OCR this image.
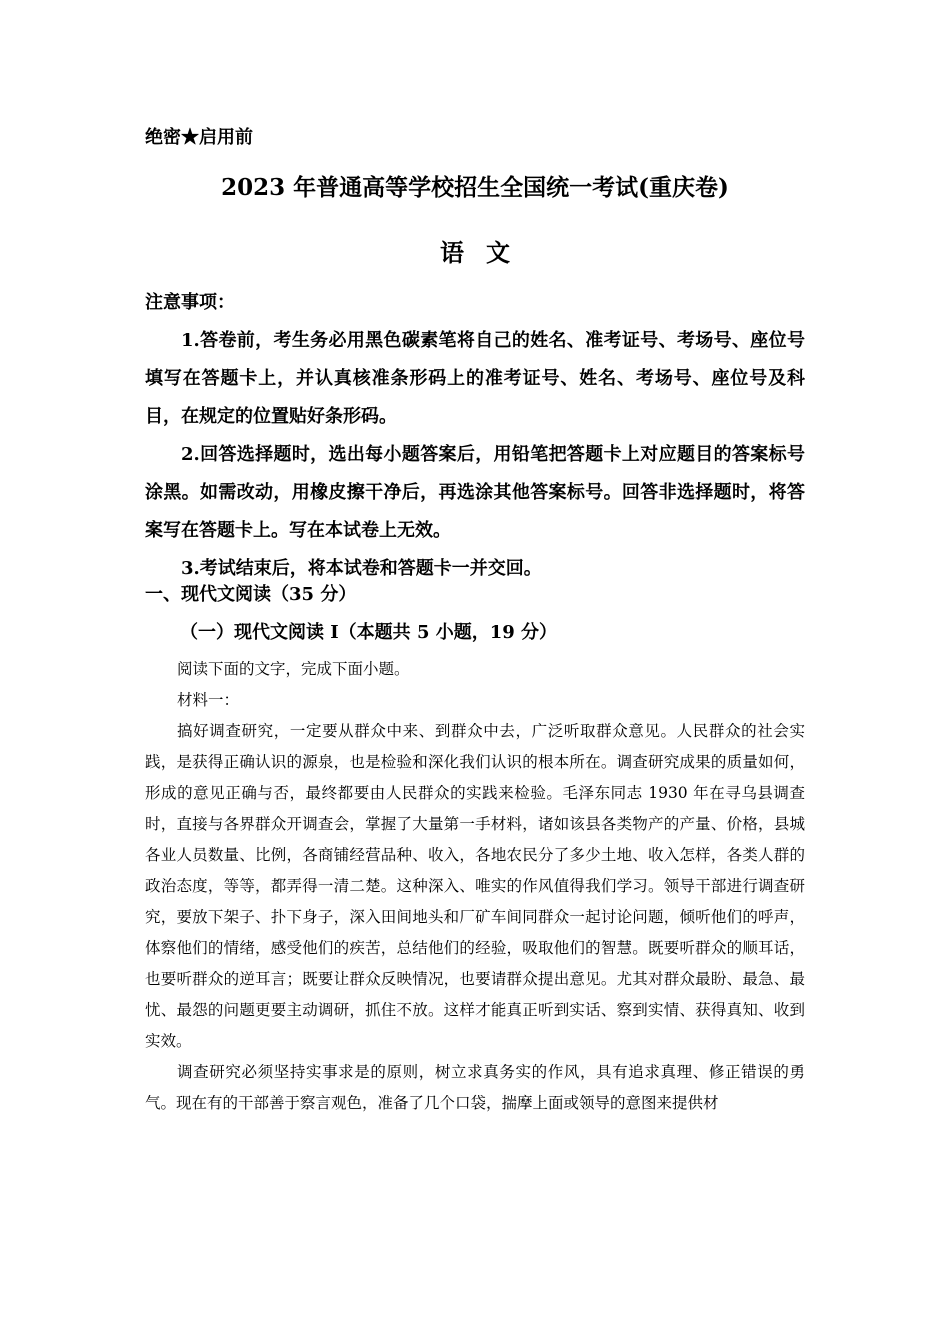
绝密★启用前
2023 年普通高等学校招生全国统一考试(重庆卷)
语文
注意事项：

1.答卷前，考生务必用黑色碳素笔将自己的姓名、准考证号、考场号、座位号填写在答题卡上，并认真核准条形码上的准考证号、姓名、考场号、座位号及科目，在规定的位置贴好条形码。

2.回答选择题时，选出每小题答案后，用铅笔把答题卡上对应题目的答案标号涂黑。如需改动，用橡皮擦干净后，再选涂其他答案标号。回答非选择题时，将答案写在答题卡上。写在本试卷上无效。

3.考试结束后，将本试卷和答题卡一并交回。

一、现代文阅读（35 分）
（一）现代文阅读 I（本题共 5 小题，19 分）

阅读下面的文字，完成下面小题。

材料一：

搞好调查研究，一定要从群众中来、到群众中去，广泛听取群众意见。人民群众的社会实践，是获得正确认识的源泉，也是检验和深化我们认识的根本所在。调查研究成果的质量如何，形成的意见正确与否，最终都要由人民群众的实践来检验。毛泽东同志 1930 年在寻乌县调查时，直接与各界群众开调查会，掌握了大量第一手材料，诸如该县各类物产的产量、价格，县城各业人员数量、比例，各商铺经营品种、收入，各地农民分了多少土地、收入怎样，各类人群的政治态度，等等，都弄得一清二楚。这种深入、唯实的作风值得我们学习。领导干部进行调查研究，要放下架子、扑下身子，深入田间地头和厂矿车间同群众一起讨论问题，倾听他们的呼声，体察他们的情绪，感受他们的疾苦，总结他们的经验，吸取他们的智慧。既要听群众的顺耳话，也要听群众的逆耳言；既要让群众反映情况，也要请群众提出意见。尤其对群众最盼、最急、最忧、最怨的问题更要主动调研，抓住不放。这样才能真正听到实话、察到实情、获得真知、收到实效。

调查研究必须坚持实事求是的原则，树立求真务实的作风，具有追求真理、修正错误的勇气。现在有的干部善于察言观色，准备了几个口袋，揣摩上面或领导的意图来提供材
